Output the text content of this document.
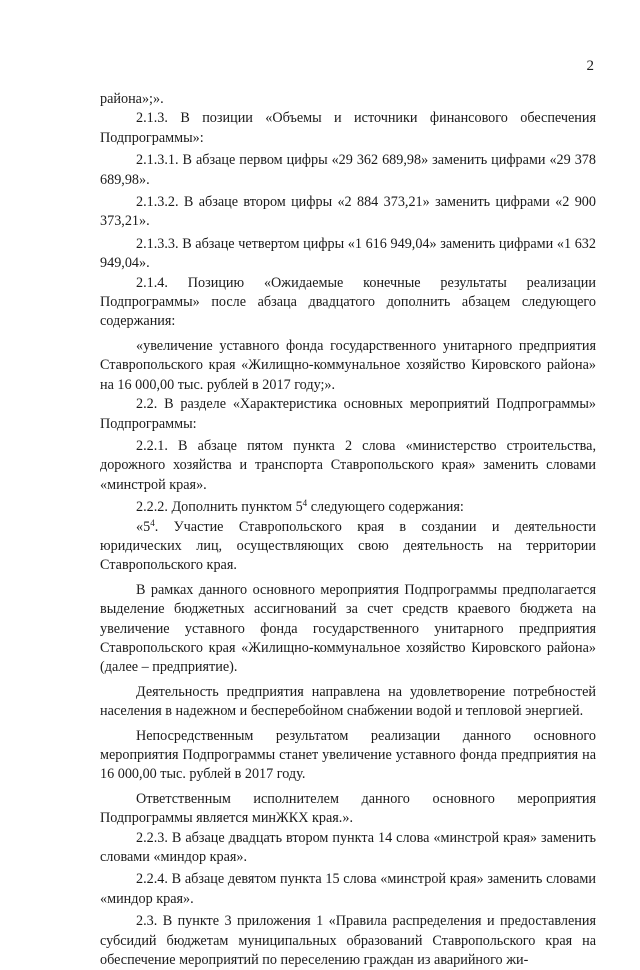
2

района»;».

2.1.3. В позиции «Объемы и источники финансового обеспечения Подпрограммы»:

2.1.3.1. В абзаце первом цифры «29 362 689,98» заменить цифрами «29 378 689,98».

2.1.3.2. В абзаце втором цифры «2 884 373,21» заменить цифрами «2 900 373,21».

2.1.3.3. В абзаце четвертом цифры «1 616 949,04» заменить цифрами «1 632 949,04».

2.1.4. Позицию «Ожидаемые конечные результаты реализации Подпрограммы» после абзаца двадцатого дополнить абзацем следующего содержания:

«увеличение уставного фонда государственного унитарного предприятия Ставропольского края «Жилищно-коммунальное хозяйство Кировского района» на 16 000,00 тыс. рублей в 2017 году;».

2.2. В разделе «Характеристика основных мероприятий Подпрограммы» Подпрограммы:

2.2.1. В абзаце пятом пункта 2 слова «министерство строительства, дорожного хозяйства и транспорта Ставропольского края» заменить словами «минстрой края».

2.2.2. Дополнить пунктом $5^4$ следующего содержания:

«$5^4$. Участие Ставропольского края в создании и деятельности юридических лиц, осуществляющих свою деятельность на территории Ставропольского края.

В рамках данного основного мероприятия Подпрограммы предполагается выделение бюджетных ассигнований за счет средств краевого бюджета на увеличение уставного фонда государственного унитарного предприятия Ставропольского края «Жилищно-коммунальное хозяйство Кировского района» (далее – предприятие).

Деятельность предприятия направлена на удовлетворение потребностей населения в надежном и бесперебойном снабжении водой и тепловой энергией.

Непосредственным результатом реализации данного основного мероприятия Подпрограммы станет увеличение уставного фонда предприятия на 16 000,00 тыс. рублей в 2017 году.

Ответственным исполнителем данного основного мероприятия Подпрограммы является минЖКХ края.».

2.2.3. В абзаце двадцать втором пункта 14 слова «минстрой края» заменить словами «миндор края».

2.2.4. В абзаце девятом пункта 15 слова «минстрой края» заменить словами «миндор края».

2.3. В пункте 3 приложения 1 «Правила распределения и предоставления субсидий бюджетам муниципальных образований Ставропольского края на обеспечение мероприятий по переселению граждан из аварийного жи-
